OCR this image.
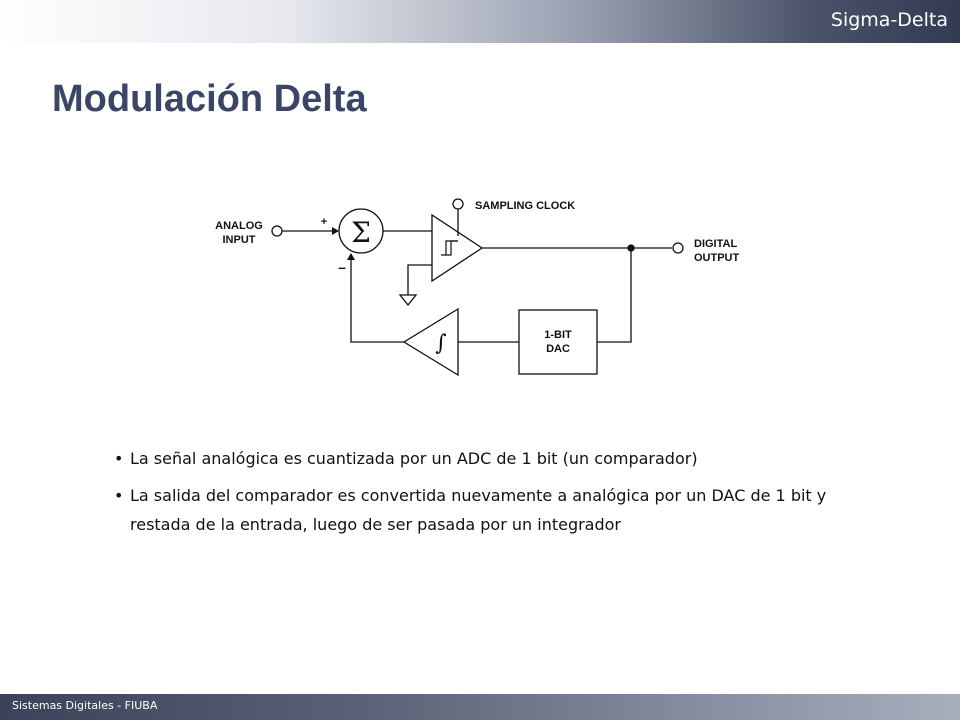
Sigma-Delta
Modulación Delta
ANALOG
INPUT
+
–
Σ
SAMPLING CLOCK
DIGITAL
OUTPUT
1-BIT
DAC
∫
• La señal analógica es cuantizada por un ADC de 1 bit (un comparador)
• La salida del comparador es convertida nuevamente a analógica por un DAC de 1 bit y restada de la entrada, luego de ser pasada por un integrador
Sistemas Digitales - FIUBA
